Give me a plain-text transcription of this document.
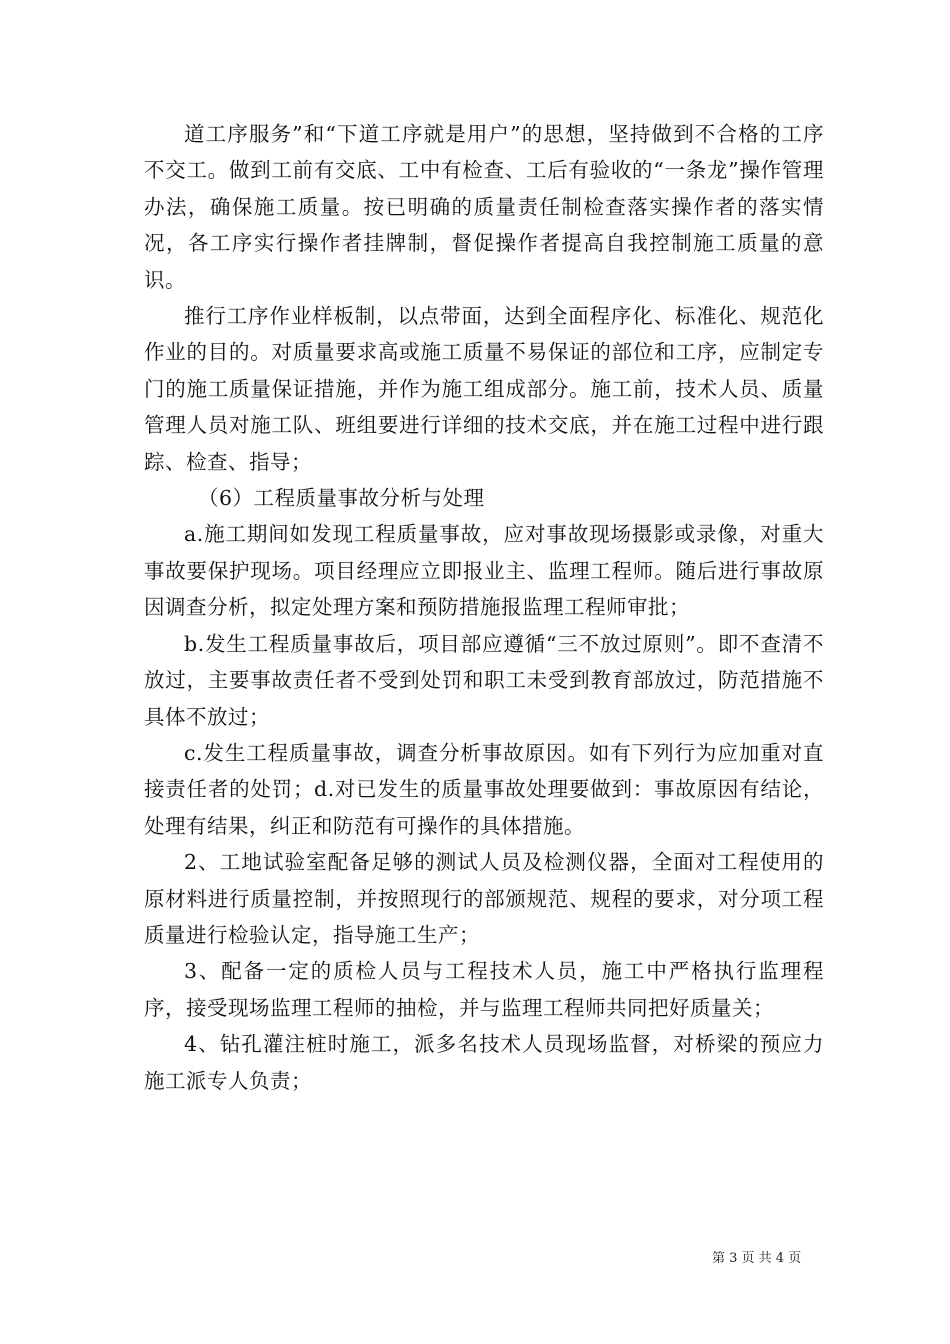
道工序服务”和“下道工序就是用户”的思想，坚持做到不合格的工序不交工。做到工前有交底、工中有检查、工后有验收的“一条龙”操作管理办法，确保施工质量。按已明确的质量责任制检查落实操作者的落实情况，各工序实行操作者挂牌制，督促操作者提高自我控制施工质量的意识。

推行工序作业样板制，以点带面，达到全面程序化、标准化、规范化作业的目的。对质量要求高或施工质量不易保证的部位和工序，应制定专门的施工质量保证措施，并作为施工组成部分。施工前，技术人员、质量管理人员对施工队、班组要进行详细的技术交底，并在施工过程中进行跟踪、检查、指导；

（6）工程质量事故分析与处理

a.施工期间如发现工程质量事故，应对事故现场摄影或录像，对重大事故要保护现场。项目经理应立即报业主、监理工程师。随后进行事故原因调查分析，拟定处理方案和预防措施报监理工程师审批；

b.发生工程质量事故后，项目部应遵循“三不放过原则”。即不查清不放过，主要事故责任者不受到处罚和职工未受到教育部放过，防范措施不具体不放过；

c.发生工程质量事故，调查分析事故原因。如有下列行为应加重对直接责任者的处罚；d.对已发生的质量事故处理要做到：事故原因有结论，处理有结果，纠正和防范有可操作的具体措施。

2、工地试验室配备足够的测试人员及检测仪器，全面对工程使用的原材料进行质量控制，并按照现行的部颁规范、规程的要求，对分项工程质量进行检验认定，指导施工生产；

3、配备一定的质检人员与工程技术人员，施工中严格执行监理程序，接受现场监理工程师的抽检，并与监理工程师共同把好质量关；

4、钻孔灌注桩时施工，派多名技术人员现场监督，对桥梁的预应力施工派专人负责；

第 3 页 共 4 页
